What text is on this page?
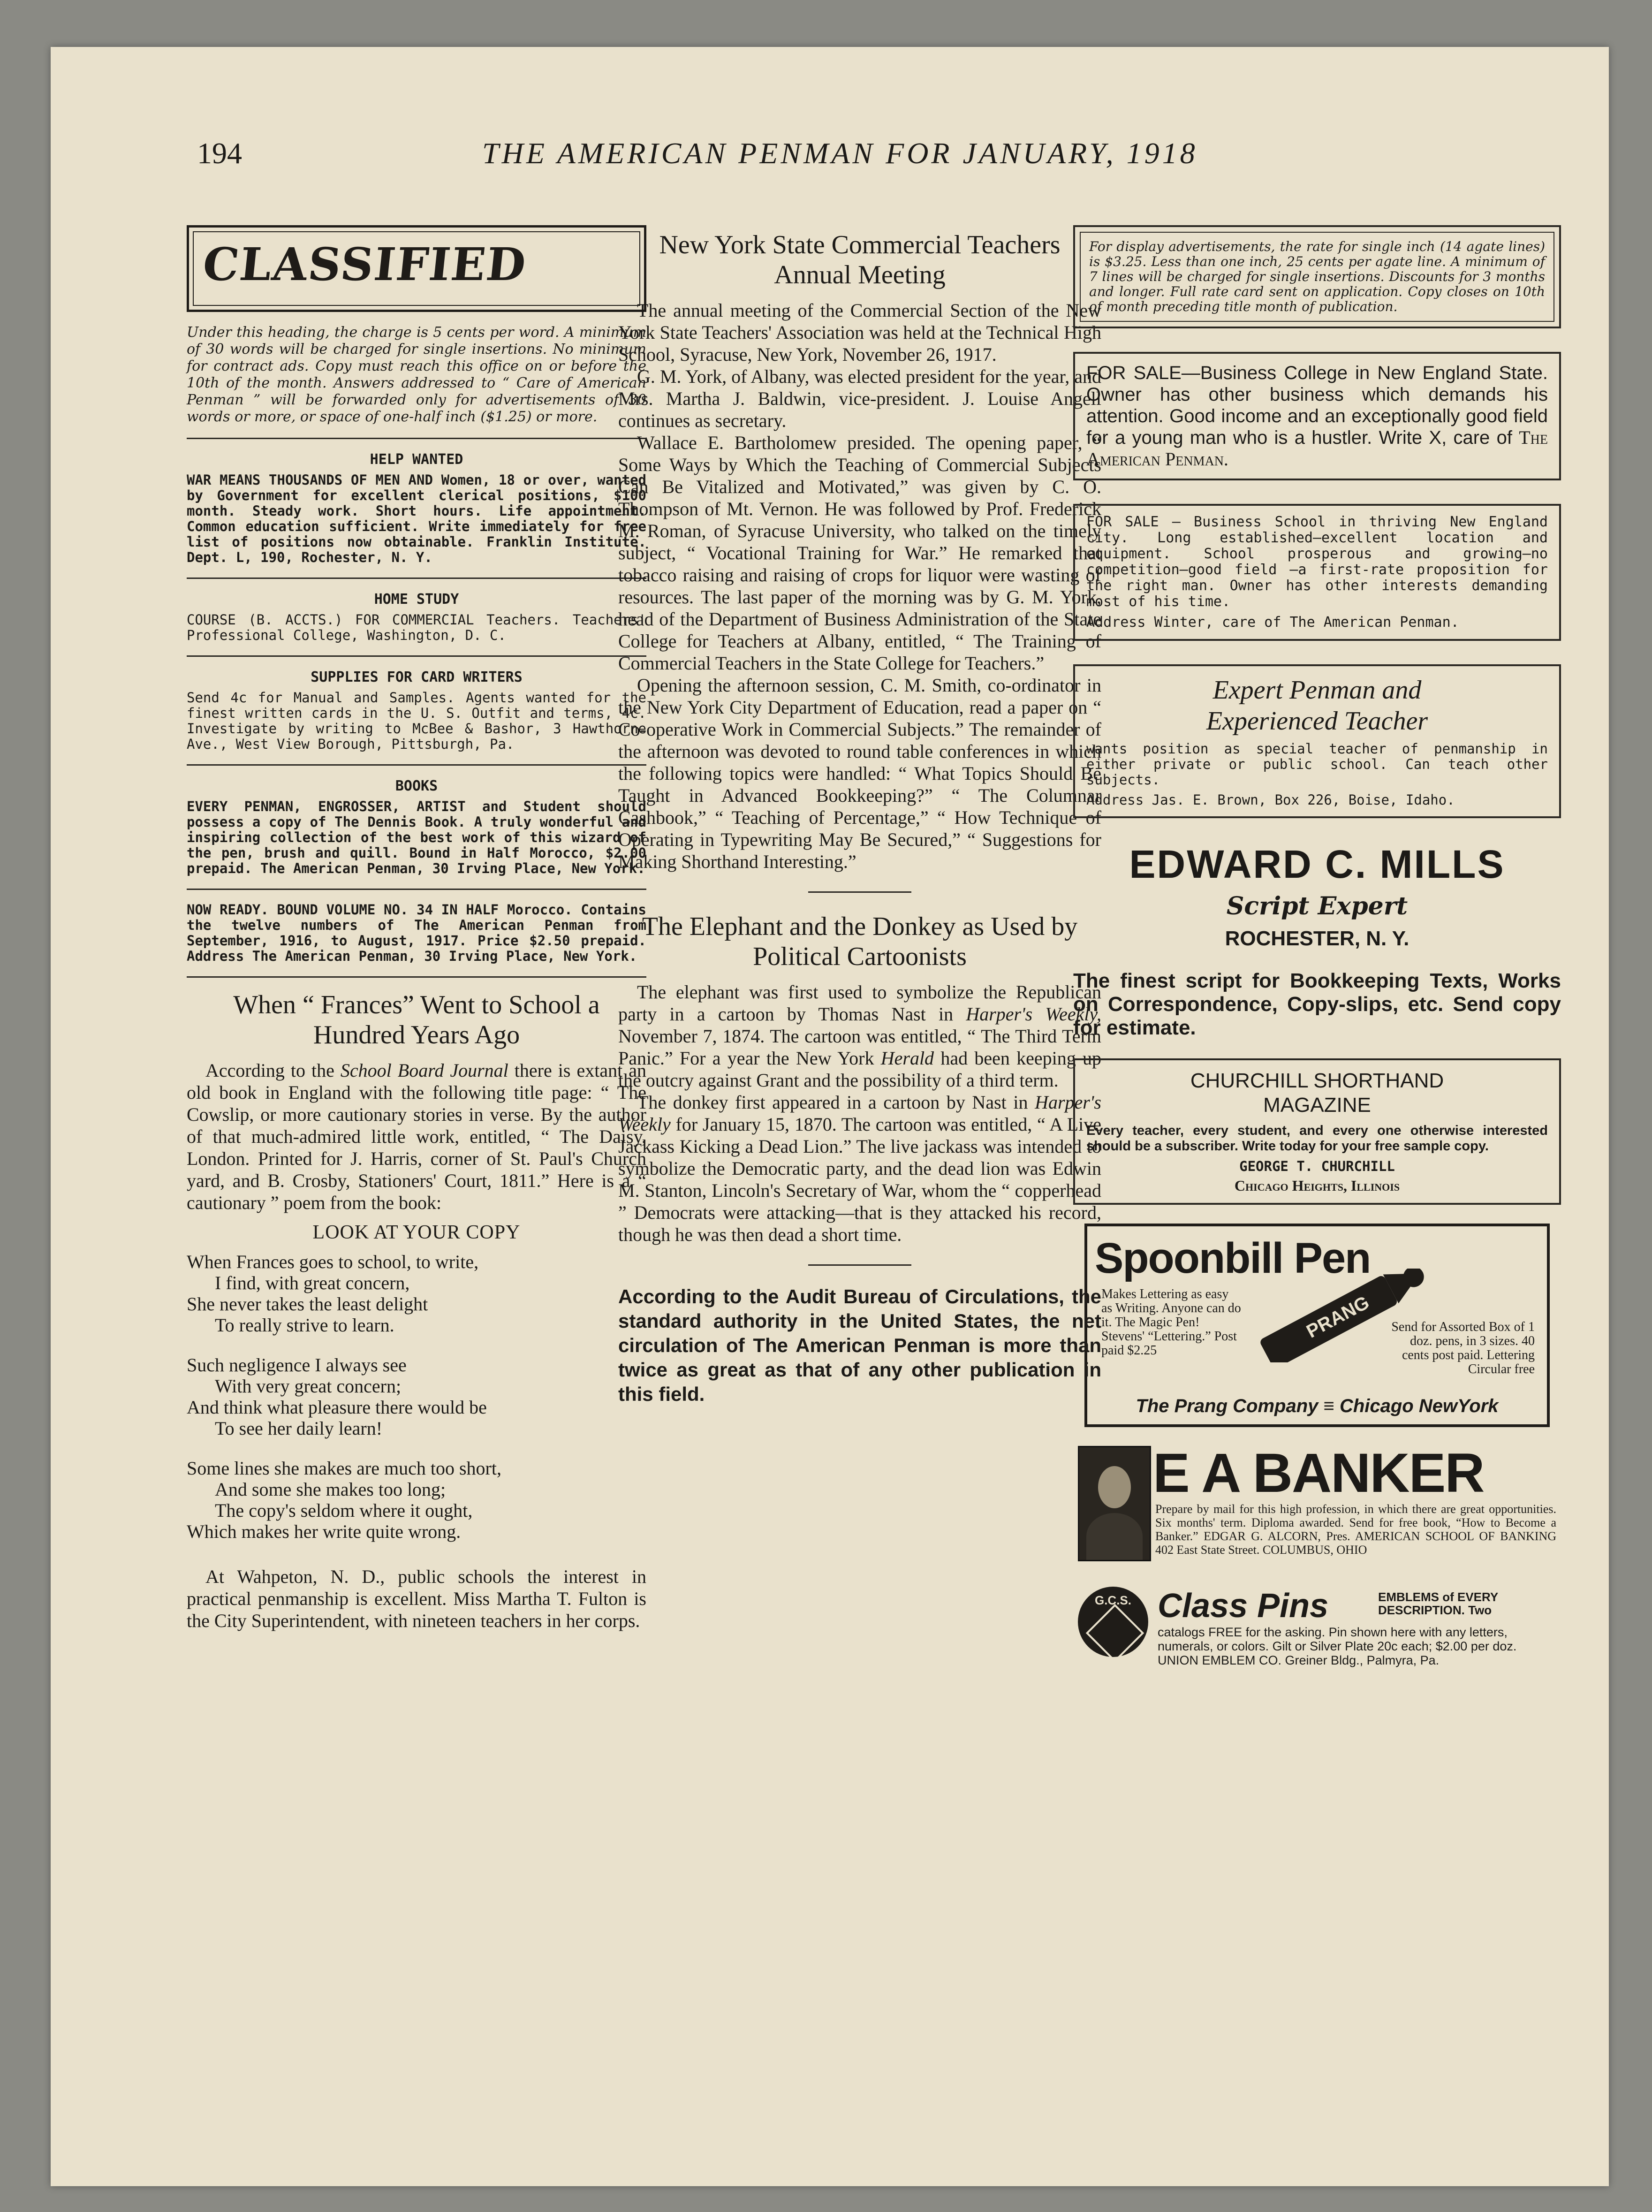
194	THE AMERICAN PENMAN FOR JANUARY, 1918
CLASSIFIED

Under this heading, the charge is 5 cents per word. A minimum of 30 words will be charged for single insertions. No minimum for contract ads. Copy must reach this office on or before the 10th of the month. Answers addressed to “ Care of American Penman ” will be forwarded only for advertisements of 30 words or more, or space of one-half inch ($1.25) or more.

HELP WANTED

WAR MEANS THOUSANDS OF MEN AND Women, 18 or over, wanted by Government for excellent clerical positions, $100 month. Steady work. Short hours. Life appointment. Common education sufficient. Write immediately for free list of positions now obtainable. Franklin Institute. Dept. L, 190, Rochester, N. Y.

HOME STUDY

COURSE (B. ACCTS.) FOR COMMERCIAL Teachers. Teachers' Professional College, Washington, D. C.

SUPPLIES FOR CARD WRITERS

Send 4c for Manual and Samples. Agents wanted for the finest written cards in the U. S. Outfit and terms, 4c. Investigate by writing to McBee & Bashor, 3 Hawthorne Ave., West View Borough, Pittsburgh, Pa.

BOOKS

EVERY PENMAN, ENGROSSER, ARTIST and Student should possess a copy of The Dennis Book. A truly wonderful and inspiring collection of the best work of this wizard of the pen, brush and quill. Bound in Half Morocco, $2.00 prepaid. The American Penman, 30 Irving Place, New York.

NOW READY. BOUND VOLUME NO. 34 IN HALF Morocco. Contains the twelve numbers of The American Penman from September, 1916, to August, 1917. Price $2.50 prepaid. Address The American Penman, 30 Irving Place, New York.

When “ Frances” Went to School a Hundred Years Ago

According to the School Board Journal there is extant an old book in England with the following title page: “ The Cowslip, or more cautionary stories in verse. By the author of that much-admired little work, entitled, “ The Daisy, London. Printed for J. Harris, corner of St. Paul's Church yard, and B. Crosby, Stationers' Court, 1811.” Here is a “ cautionary ” poem from the book:

LOOK AT YOUR COPY
When Frances goes to school, to write,
I find, with great concern,
She never takes the least delight
To really strive to learn.
Such negligence I always see
With very great concern;
And think what pleasure there would be
To see her daily learn!
Some lines she makes are much too short,
And some she makes too long;
The copy's seldom where it ought,
Which makes her write quite wrong.

At Wahpeton, N. D., public schools the interest in practical penmanship is excellent. Miss Martha T. Fulton is the City Superintendent, with nineteen teachers in her corps.

New York State Commercial Teachers Annual Meeting

The annual meeting of the Commercial Section of the New York State Teachers' Association was held at the Technical High School, Syracuse, New York, November 26, 1917.

G. M. York, of Albany, was elected president for the year, and Mrs. Martha J. Baldwin, vice-president. J. Louise Angell continues as secretary.

Wallace E. Bartholomew presided. The opening paper, “ Some Ways by Which the Teaching of Commercial Subjects Can Be Vitalized and Motivated,” was given by C. O. Thompson of Mt. Vernon. He was followed by Prof. Frederick M. Roman, of Syracuse University, who talked on the timely subject, “ Vocational Training for War.” He remarked that tobacco raising and raising of crops for liquor were wasting of resources. The last paper of the morning was by G. M. York, head of the Department of Business Administration of the State College for Teachers at Albany, entitled, “ The Training of Commercial Teachers in the State College for Teachers.”

Opening the afternoon session, C. M. Smith, co-ordinator in the New York City Department of Education, read a paper on “ Co-operative Work in Commercial Subjects.” The remainder of the afternoon was devoted to round table conferences in which the following topics were handled: “ What Topics Should Be Taught in Advanced Bookkeeping?” “ The Columnar Cashbook,” “ Teaching of Percentage,” “ How Technique of Operating in Typewriting May Be Secured,” “ Suggestions for Making Shorthand Interesting.”

The Elephant and the Donkey as Used by Political Cartoonists

The elephant was first used to symbolize the Republican party in a cartoon by Thomas Nast in Harper's Weekly, November 7, 1874. The cartoon was entitled, “ The Third Term Panic.” For a year the New York Herald had been keeping up the outcry against Grant and the possibility of a third term.

The donkey first appeared in a cartoon by Nast in Harper's Weekly for January 15, 1870. The cartoon was entitled, “ A Live Jackass Kicking a Dead Lion.” The live jackass was intended to symbolize the Democratic party, and the dead lion was Edwin M. Stanton, Lincoln's Secretary of War, whom the “ copperhead ” Democrats were attacking—that is they attacked his record, though he was then dead a short time.

According to the Audit Bureau of Circulations, the standard authority in the United States, the net circulation of The American Penman is more than twice as great as that of any other publication in this field.

For display advertisements, the rate for single inch (14 agate lines) is $3.25. Less than one inch, 25 cents per agate line. A minimum of 7 lines will be charged for single insertions. Discounts for 3 months and longer. Full rate card sent on application. Copy closes on 10th of month preceding title month of publication.

FOR SALE—Business College in New England State. Owner has other business which demands his attention. Good income and an exceptionally good field for a young man who is a hustler. Write X, care of The American Penman.

FOR SALE — Business School in thriving New England city. Long established—excellent location and equipment. School prosperous and growing—no competition—good field —a first-rate proposition for the right man. Owner has other interests demanding most of his time.

Address Winter, care of The American Penman.

Expert Penman and
Experienced Teacher

wants position as special teacher of penmanship in either private or public school. Can teach other subjects.

Address Jas. E. Brown, Box 226, Boise, Idaho.

EDWARD C. MILLS
Script Expert
ROCHESTER, N. Y.

The finest script for Bookkeeping Texts, Works on Correspondence, Copy-slips, etc. Send copy for estimate.

CHURCHILL SHORTHAND
MAGAZINE

Every teacher, every student, and every one otherwise interested should be a subscriber. Write today for your free sample copy.

GEORGE T. CHURCHILL
Chicago Heights, Illinois
Spoonbill Pen

Makes Lettering as easy as Writing. Anyone can do it. The Magic Pen! Stevens' “Lettering.” Post paid $2.25

PRANG	Send for Assorted Box of 1 doz. pens, in 3 sizes. 40 cents post paid. Lettering Circular free

The Prang Company ≡ Chicago NewYork
E A BANKER

Prepare by mail for this high profession, in which there are great opportunities. Six months' term. Diploma awarded. Send for free book, “How to Become a Banker.” EDGAR G. ALCORN, Pres. AMERICAN SCHOOL OF BANKING 402 East State Street. COLUMBUS, OHIO

G.C.S. Class Pins	EMBLEMS of EVERY DESCRIPTION. Two

catalogs FREE for the asking. Pin shown here with any letters, numerals, or colors. Gilt or Silver Plate 20c each; $2.00 per doz. UNION EMBLEM CO. Greiner Bldg., Palmyra, Pa.
